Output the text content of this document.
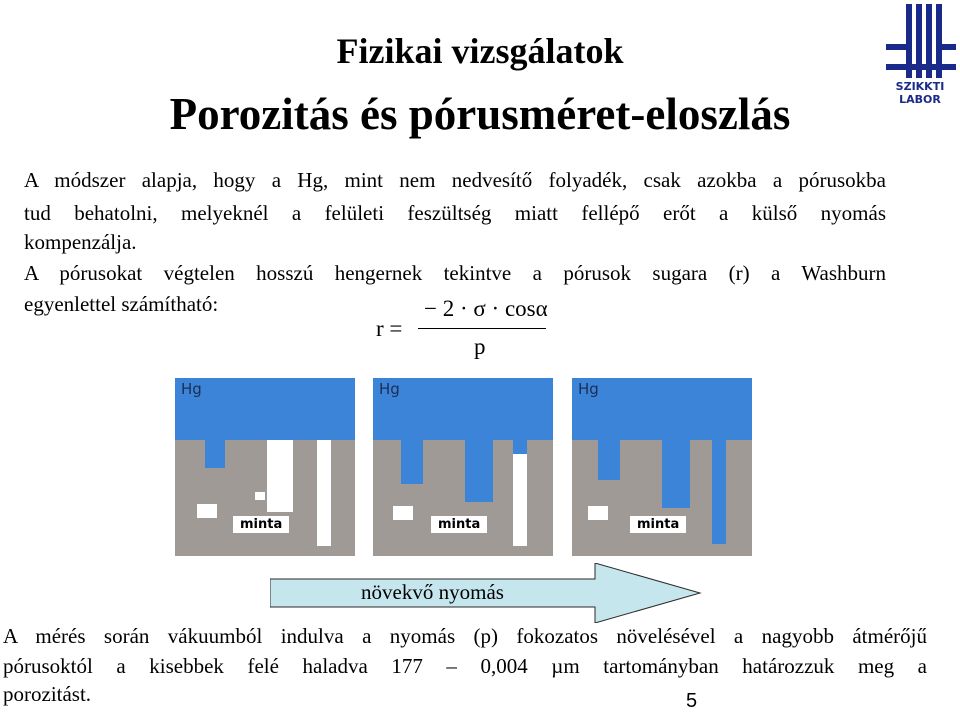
Fizikai vizsgálatok
Porozitás és pórusméret-eloszlás
SZIKKTI
LABOR
A módszer alapja, hogy a Hg, mint nem nedvesítő folyadék, csak azokba a pórusokba
tud behatolni, melyeknél a felületi feszültség miatt fellépő erőt a külső nyomás
kompenzálja.
A pórusokat végtelen hosszú hengernek tekintve a pórusok sugara (r) a Washburn
egyenlettel számítható:
r =
− 2 · σ · cosα
p
Hg
minta
Hg
minta
Hg
minta
növekvő nyomás
A mérés során vákuumból indulva a nyomás (p) fokozatos növelésével a nagyobb átmérőjű
pórusoktól a kisebbek felé haladva 177 – 0,004 µm tartományban határozzuk meg a
porozitást.	5
